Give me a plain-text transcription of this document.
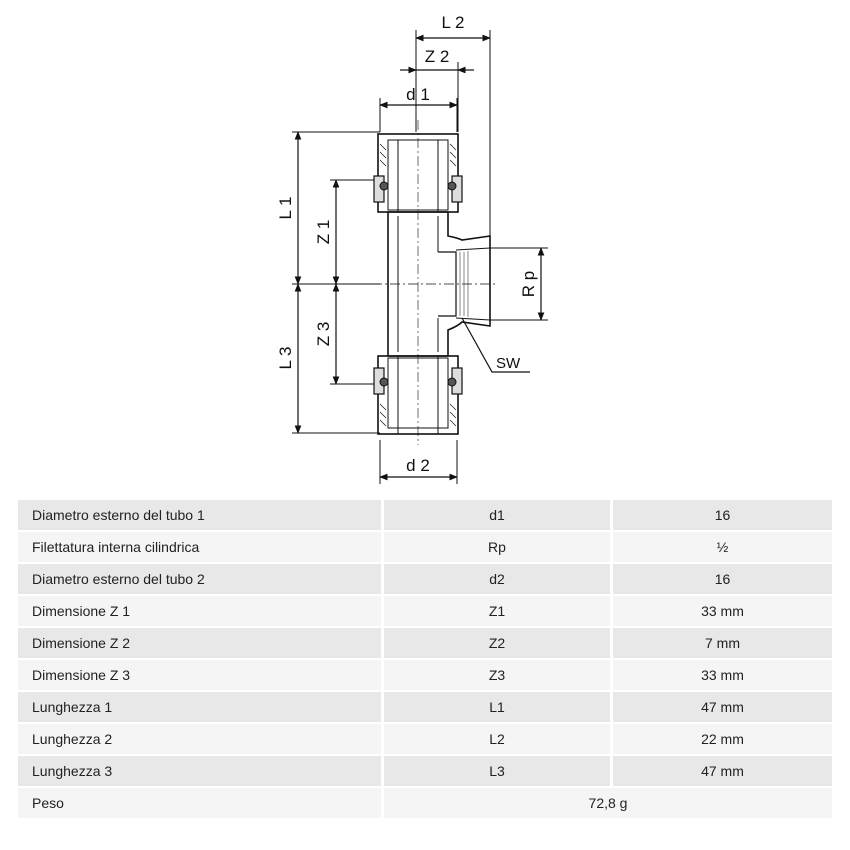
L 2
Z 2
d 1
L 1
Z 1
R p
SW
Z 3
L 3
d 2
Diametro esterno del tubo 1	d1	16
Filettatura interna cilindrica	Rp	½
Diametro esterno del tubo 2	d2	16
Dimensione Z 1	Z1	33 mm
Dimensione Z 2	Z2	7 mm
Dimensione Z 3	Z3	33 mm
Lunghezza 1	L1	47 mm
Lunghezza 2	L2	22 mm
Lunghezza 3	L3	47 mm
Peso	72,8 g	
